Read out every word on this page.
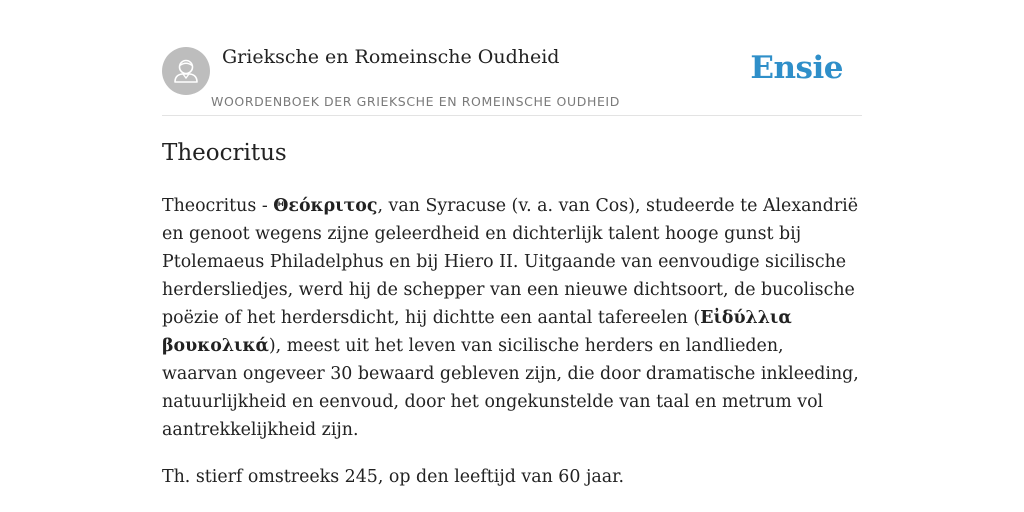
Grieksche en Romeinsche Oudheid
WOORDENBOEK DER GRIEKSCHE EN ROMEINSCHE OUDHEID
Ensie
Theocritus

Theocritus - Θεόκριτος, van Syracuse (v. a. van Cos), studeerde te Alexandrië en genoot wegens zijne geleerdheid en dichterlijk talent hooge gunst bij Ptolemaeus Philadelphus en bij Hiero II. Uitgaande van eenvoudige sicilische herdersliedjes, werd hij de schepper van een nieuwe dichtsoort, de bucolische poëzie of het herdersdicht, hij dichtte een aantal tafereelen (Εἰδύλλια βουκολικά), meest uit het leven van sicilische herders en landlieden, waarvan ongeveer 30 bewaard gebleven zijn, die door dramatische inkleeding, natuurlijkheid en eenvoud, door het ongekunstelde van taal en metrum vol aantrekkelijkheid zijn.

Th. stierf omstreeks 245, op den leeftijd van 60 jaar.
